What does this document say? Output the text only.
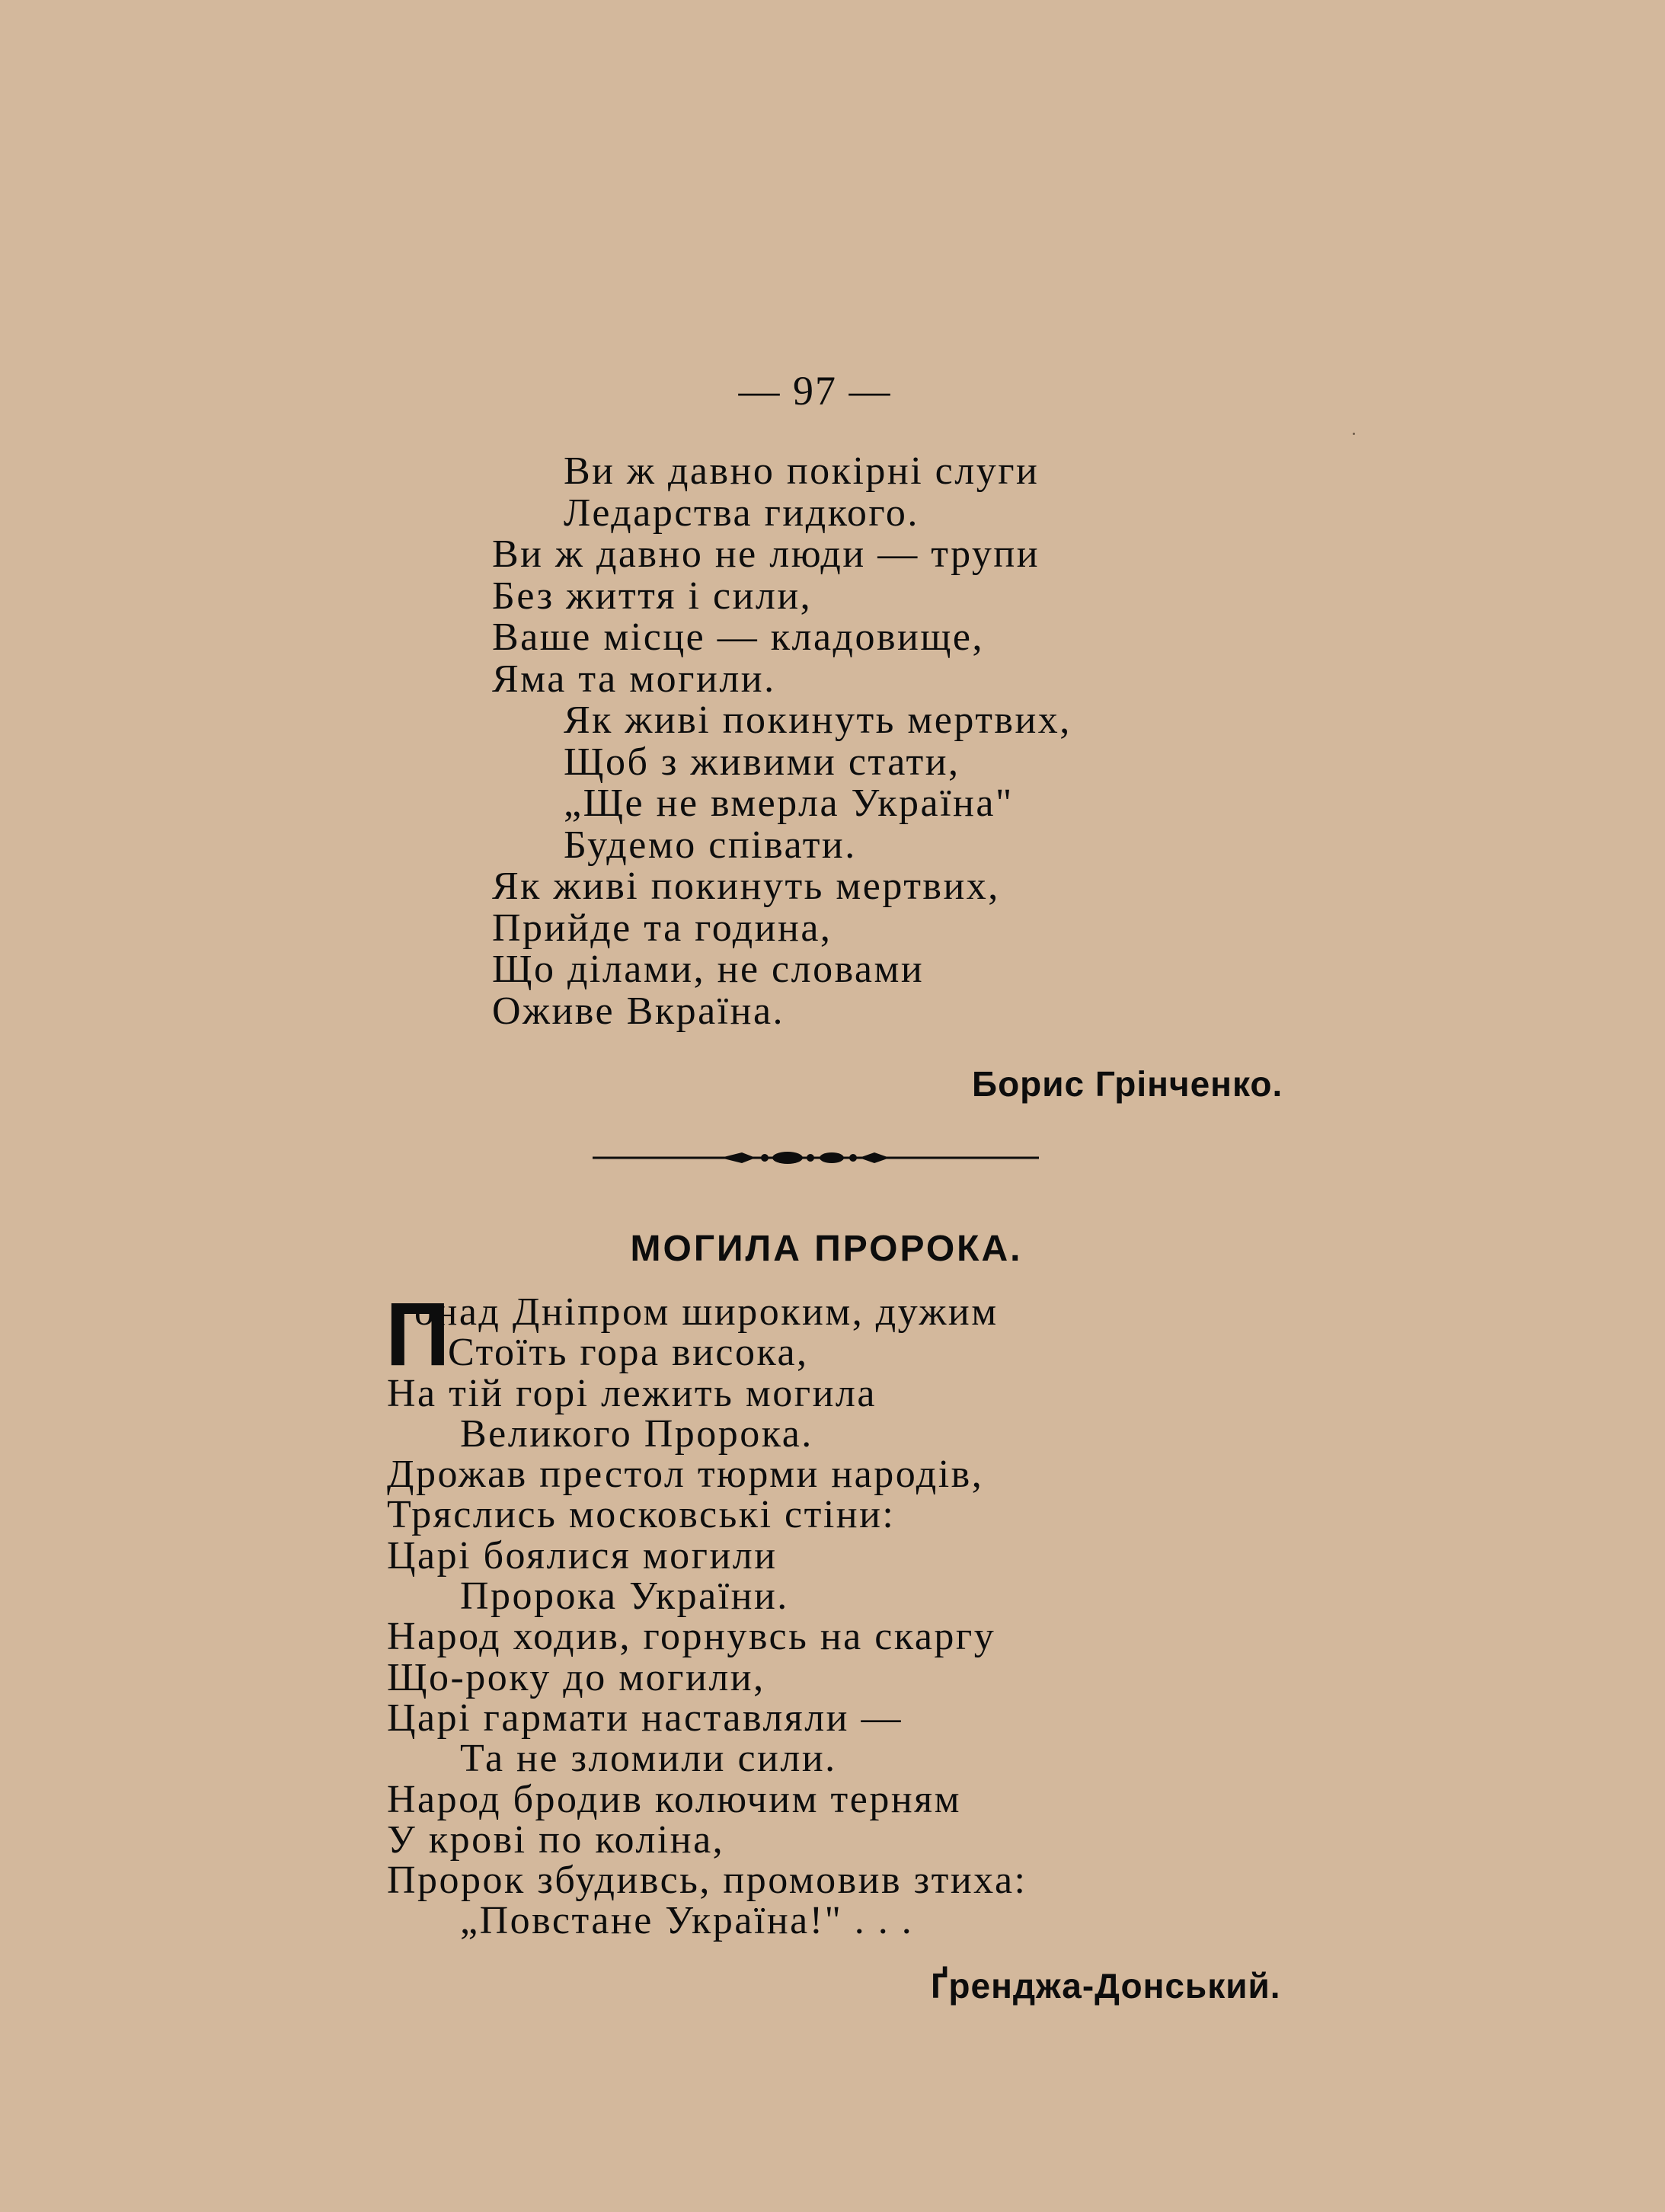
— 97 —
Ви ж давно покірні слуги
Ледарства гидкого.
Ви ж давно не люди — трупи
Без життя і сили,
Ваше місце — кладовище,
Яма та могили.
Як живі покинуть мертвих,
Щоб з живими стати,
„Ще не вмерла Україна"
Будемо співати.
Як живі покинуть мертвих,
Прийде та година,
Що ділами, не словами
Оживе Вкраїна.
Борис Грінченко.
МОГИЛА ПРОРОКА.
П
онад Дніпром широким, дужим
Стоїть гора висока,
На тій горі лежить могила
Великого Пророка.
Дрожав престол тюрми народів,
Тряслись московські стіни:
Царі боялися могили
Пророка України.
Народ ходив, горнувсь на скаргу
Що-року до могили,
Царі гармати наставляли —
Та не зломили сили.
Народ бродив колючим терням
У крові по коліна,
Пророк збудивсь, промовив зтиха:
„Повстане Україна!" . . .
Ґренджа-Донський.
